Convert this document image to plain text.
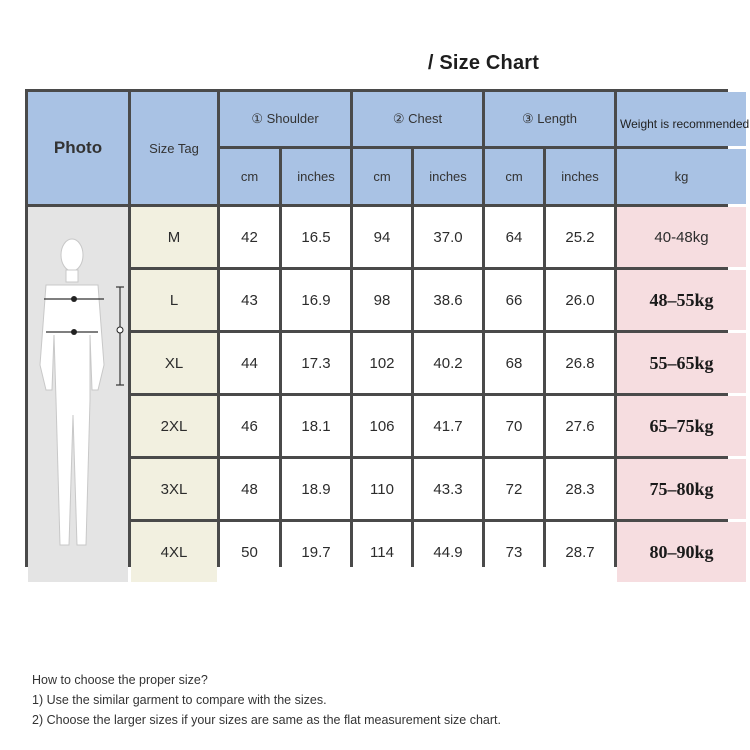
/ Size Chart
Photo	Size Tag
① Shoulder	② Chest	③ Length	Weight is recommended
cm	inches	cm	inches	cm	inches	kg
M	42	16.5	94	37.0	64	25.2	40-48kg
L	43	16.9	98	38.6	66	26.0	48–55kg
XL	44	17.3	102	40.2	68	26.8	55–65kg
2XL	46	18.1	106	41.7	70	27.6	65–75kg
3XL	48	18.9	110	43.3	72	28.3	75–80kg
4XL	50	19.7	114	44.9	73	28.7	80–90kg
How to choose the proper size?
1) Use the similar garment to compare with the sizes.
2) Choose the larger sizes if your sizes are same as the flat measurement size chart.
